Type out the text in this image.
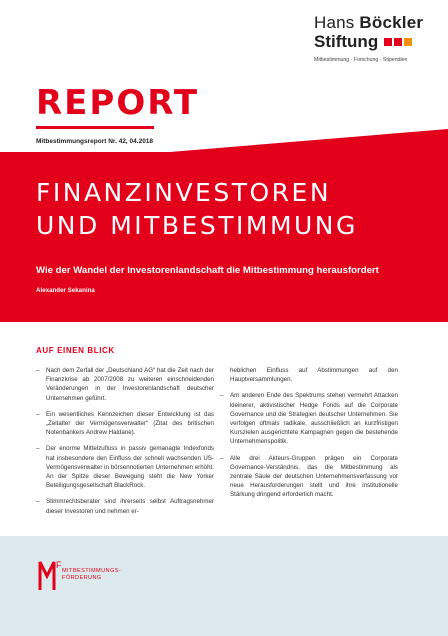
Hans Böckler
Stiftung
Mitbestimmung · Forschung · Stipendien
REPORT
Mitbestimmungsreport Nr. 42, 04.2018
FINANZINVESTOREN
UND MITBESTIMMUNG
Wie der Wandel der Investorenlandschaft die Mitbestimmung herausfordert
Alexander Sekanina
AUF EINEN BLICK
–	Nach dem Zerfall der „Deutschland AG“ hat die Zeit nach der Finanzkrise ab 2007/2008 zu weiteren einschneidenden Veränderungen in der Investorenlandschaft deutscher Unternehmen geführt.
–	Ein wesentliches Kennzeichen dieser Entwicklung ist das „Zeitalter der Vermögensverwalter“ (Zitat des britischen Notenbankers Andrew Haldane).
–	Der enorme Mittelzufluss in passiv gemanagte Indexfonds hat insbesondere den Einfluss der schnell wachsenden US-Vermögensverwalter in börsennotierten Unternehmen erhöht. An der Spitze dieser Bewegung steht die New Yorker Beteiligungsgesellschaft BlackRock.
–	Stimmrechtsberater sind ihrerseits selbst Auftragsnehmer dieser Investoren und nehmen er-
heblichen Einfluss auf Abstimmungen auf den Hauptversammlungen.
–	Am anderen Ende des Spektrums stehen vermehrt Attacken kleinerer, aktivistischer Hedge Fonds auf die Corporate Governance und die Strategien deutscher Unternehmen. Sie verfolgen oftmals radikale, ausschließlich an kurzfristigen Kurszielen ausgerichtete Kampagnen gegen die bestehende Unternehmenspolitik.
–	Alle drei Akteurs-Gruppen prägen ein Corporate Governance-Verständnis, das die Mitbestimmung als zentrale Säule der deutschen Unternehmensverfassung vor neue Herausforderungen stellt und ihre institutionelle Stärkung dringend erforderlich macht.
F
MITBESTIMMUNGS-
FÖRDERUNG
